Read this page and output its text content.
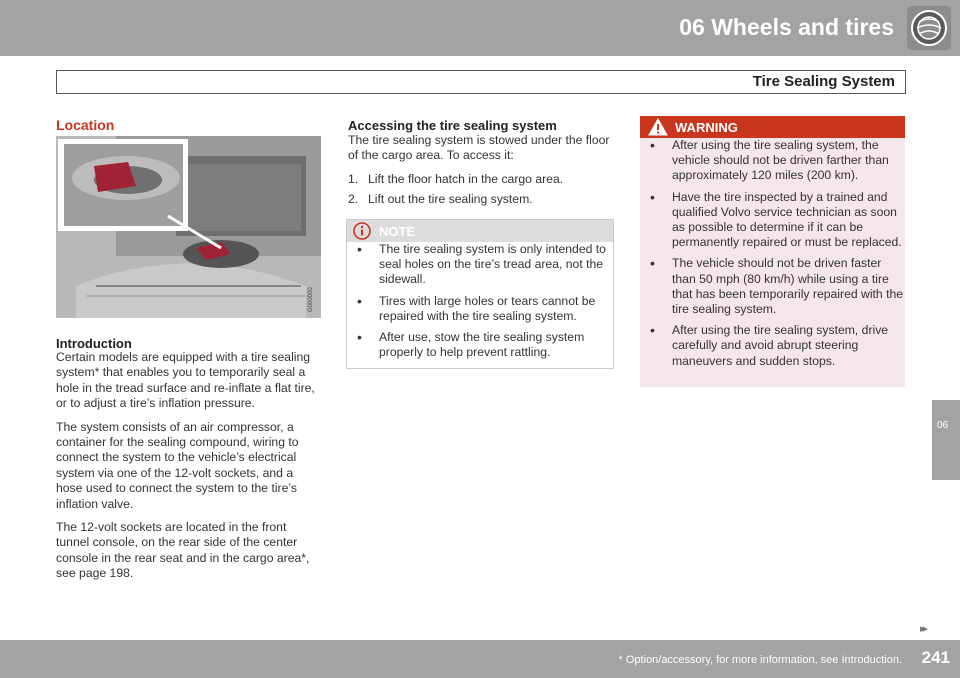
06 Wheels and tires
Tire Sealing System
Location
G000000
Introduction

Certain models are equipped with a tire sealing system* that enables you to temporarily seal a hole in the tread surface and re-inflate a flat tire, or to adjust a tire’s inflation pressure.

The system consists of an air compressor, a container for the sealing compound, wiring to connect the system to the vehicle’s electrical system via one of the 12-volt sockets, and a hose used to connect the system to the tire’s inflation valve.

The 12-volt sockets are located in the front tunnel console, on the rear side of the center console in the rear seat and in the cargo area*, see page 198.

Accessing the tire sealing system

The tire sealing system is stowed under the floor of the cargo area. To access it:

1. Lift the floor hatch in the cargo area.
2. Lift out the tire sealing system.
NOTE
• The tire sealing system is only intended to seal holes on the tire’s tread area, not the sidewall.
• Tires with large holes or tears cannot be repaired with the tire sealing system.
• After use, stow the tire sealing system properly to help prevent rattling.
WARNING
• After using the tire sealing system, the vehicle should not be driven farther than approximately 120 miles (200 km).
• Have the tire inspected by a trained and qualified Volvo service technician as soon as possible to determine if it can be permanently repaired or must be replaced.
• The vehicle should not be driven faster than 50 mph (80 km/h) while using a tire that has been temporarily repaired with the tire sealing system.
• After using the tire sealing system, drive carefully and avoid abrupt steering maneuvers and sudden stops.
06
▸▸
* Option/accessory, for more information, see Introduction. 241
